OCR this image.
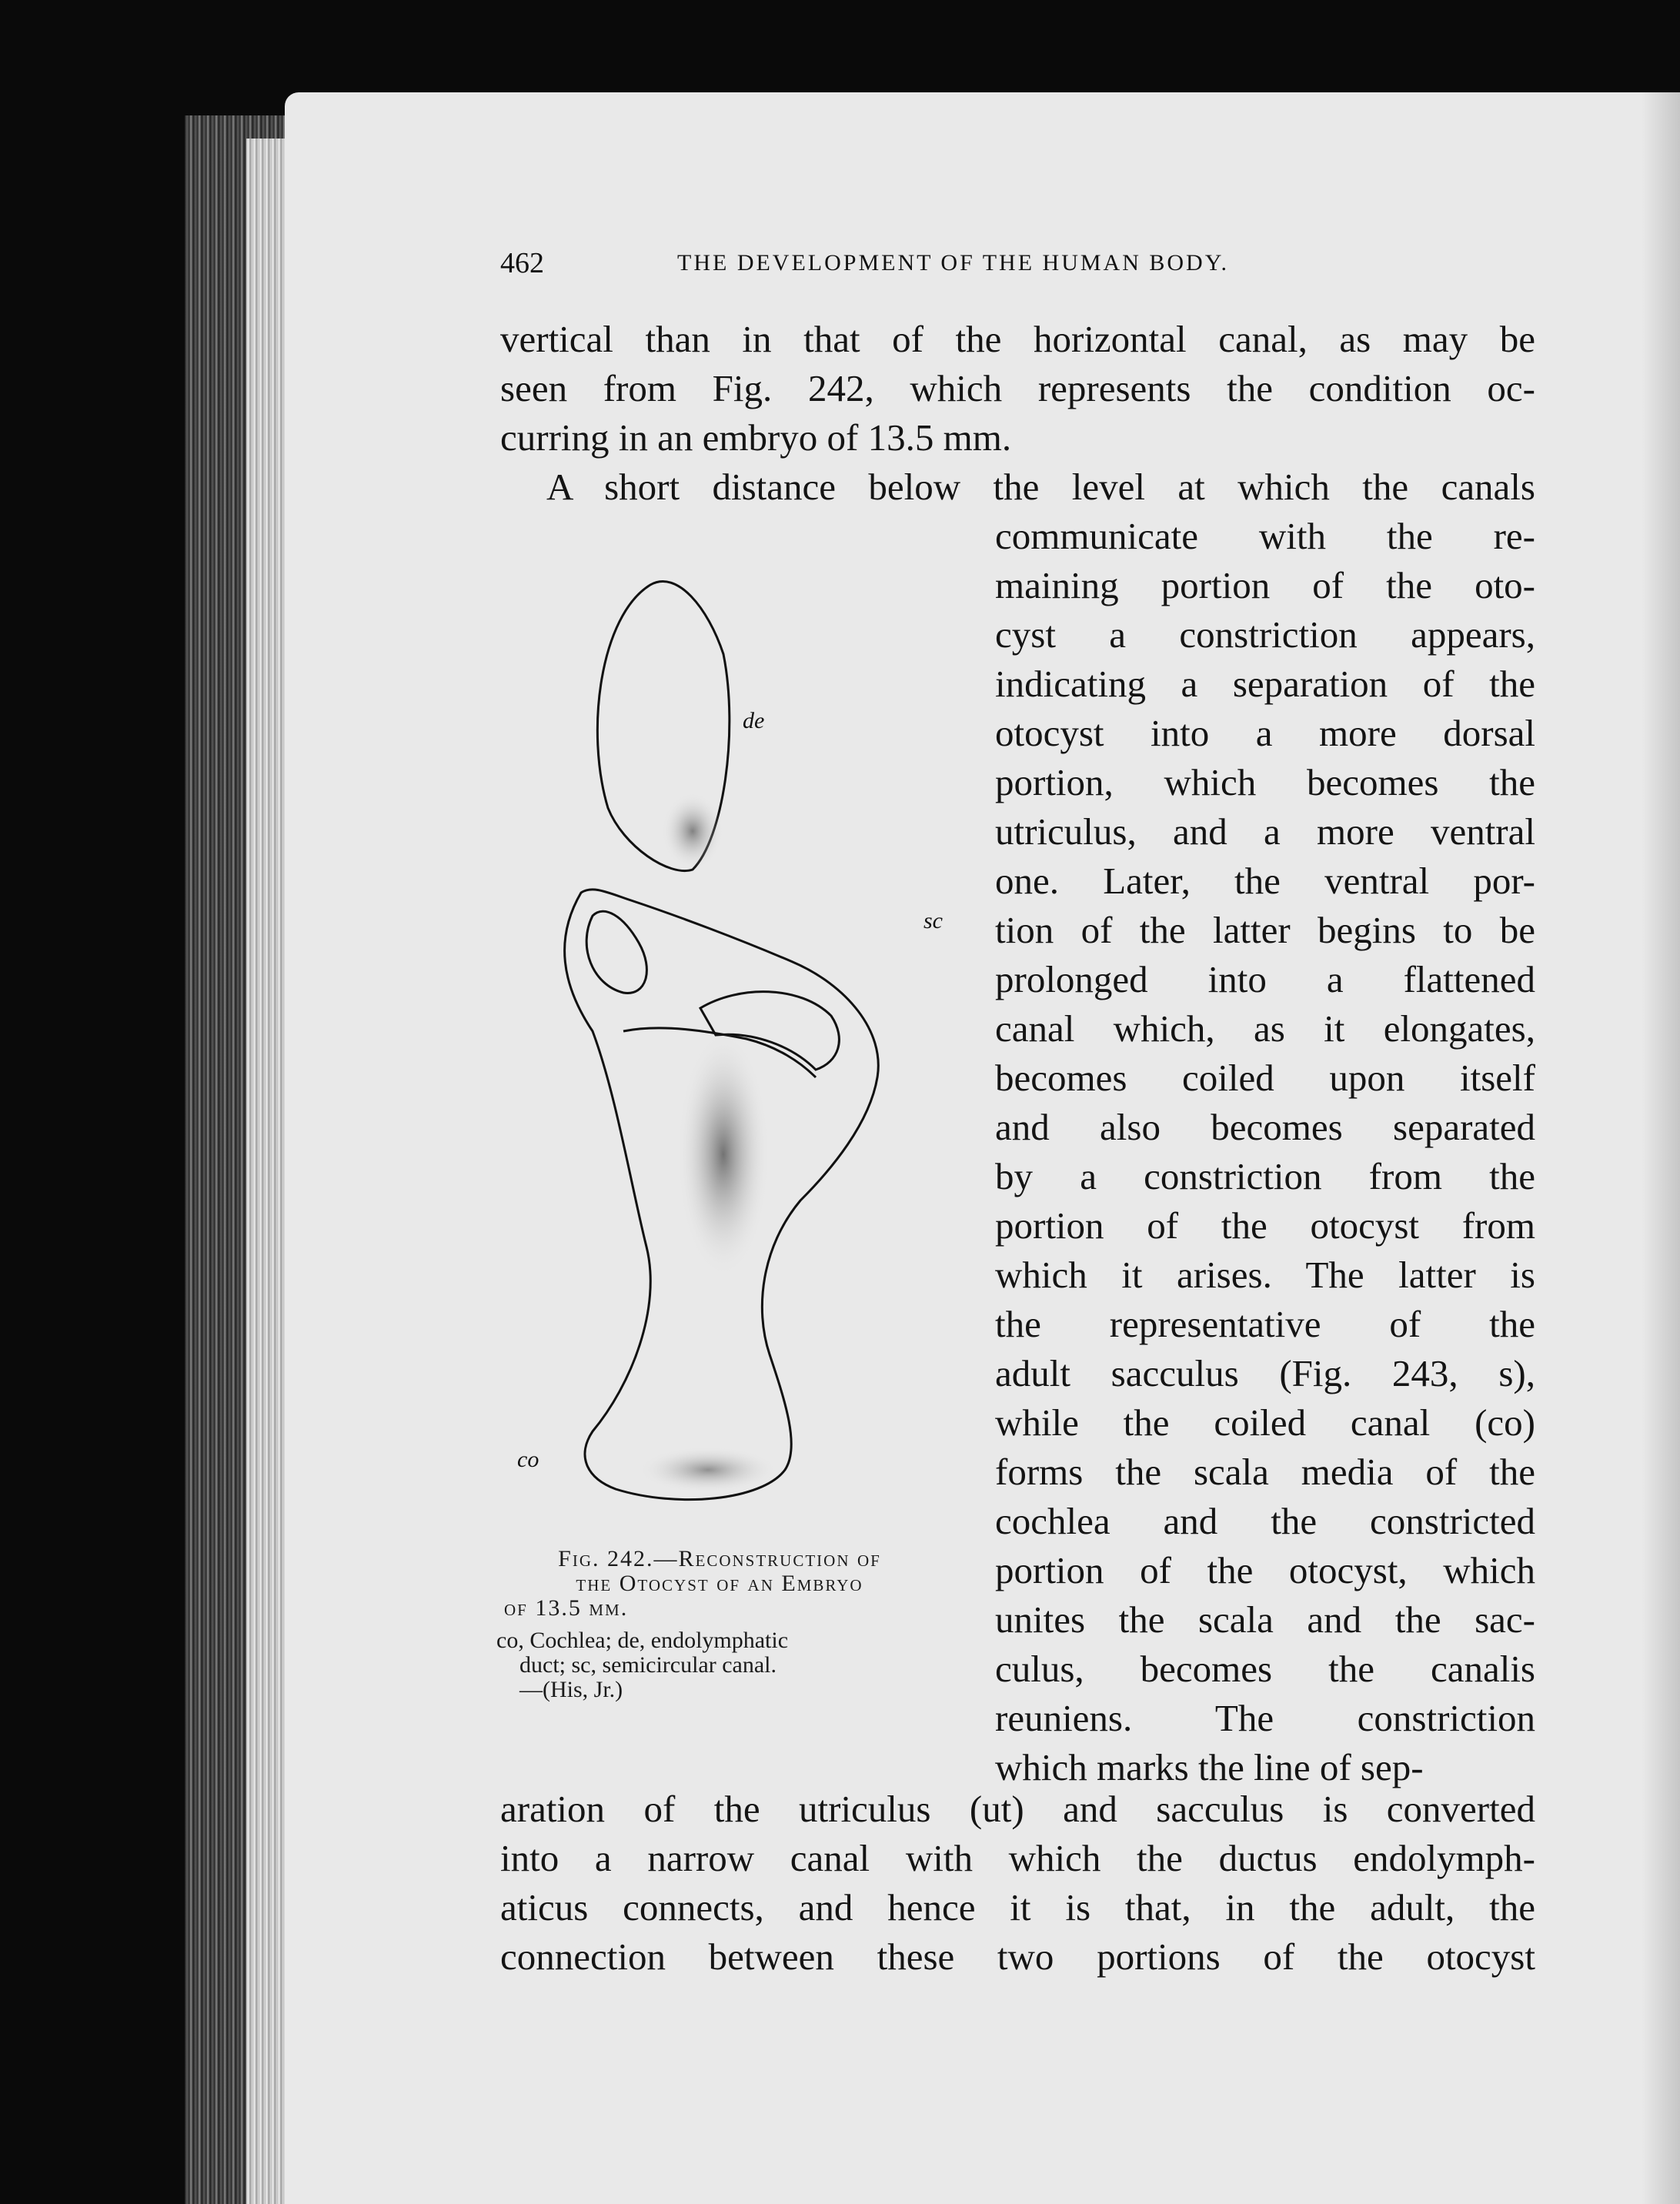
462	THE DEVELOPMENT OF THE HUMAN BODY.
vertical than in that of the horizontal canal, as may be
seen from Fig. 242, which represents the condition oc-
curring in an embryo of 13.5 mm.
A short distance below the level at which the canals
communicate with the re-
maining portion of the oto-
cyst a constriction appears,
indicating a separation of the
otocyst into a more dorsal
portion, which becomes the
utriculus, and a more ventral
one. Later, the ventral por-
tion of the latter begins to be
prolonged into a flattened
canal which, as it elongates,
becomes coiled upon itself
and also becomes separated
by a constriction from the
portion of the otocyst from
which it arises. The latter is
the representative of the
adult sacculus (Fig. 243, s),
while the coiled canal (co)
forms the scala media of the
cochlea and the constricted
portion of the otocyst, which
unites the scala and the sac-
culus, becomes the canalis
reuniens. The constriction
which marks the line of sep-
aration of the utriculus (ut) and sacculus is converted
into a narrow canal with which the ductus endolymph-
aticus connects, and hence it is that, in the adult, the
connection between these two portions of the otocyst
de
sc
co
Fig. 242.—Reconstruction of
the Otocyst of an Embryo
of 13.5 mm.
co, Cochlea; de, endolymphatic
duct; sc, semicircular canal.
—(His, Jr.)
